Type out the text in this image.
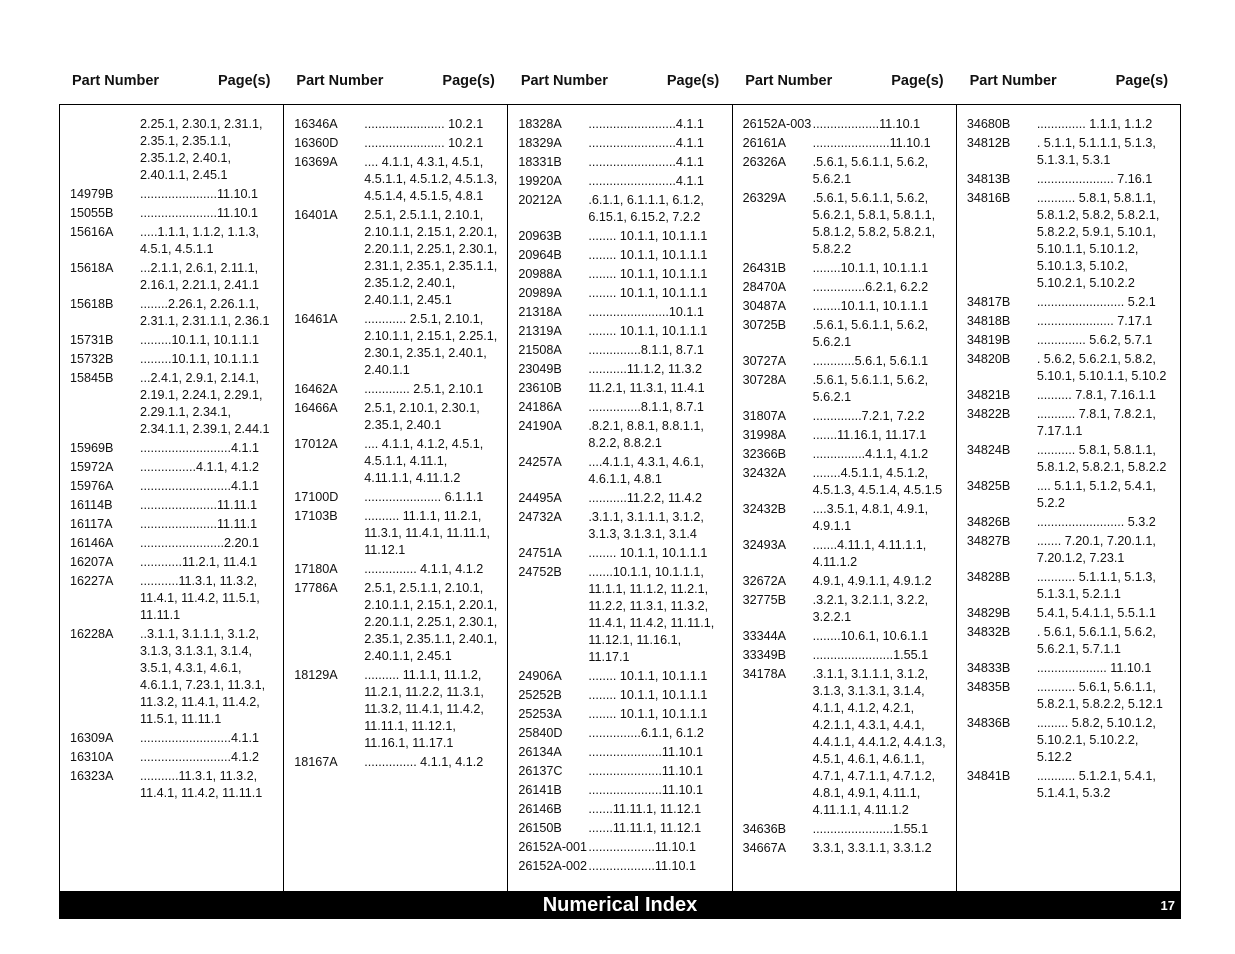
Part Number	Page(s) Part Number	Page(s) Part Number	Page(s) Part Number	Page(s) Part Number	Page(s)
2.25.1, 2.30.1, 2.31.1, 2.35.1, 2.35.1.1, 2.35.1.2, 2.40.1, 2.40.1.1, 2.45.1
14979B	......................11.10.1
15055B	......................11.10.1
15616A	.....1.1.1, 1.1.2, 1.1.3, 4.5.1, 4.5.1.1
15618A	...2.1.1, 2.6.1, 2.11.1, 2.16.1, 2.21.1, 2.41.1
15618B	........2.26.1, 2.26.1.1, 2.31.1, 2.31.1.1, 2.36.1
15731B	.........10.1.1, 10.1.1.1
15732B	.........10.1.1, 10.1.1.1
15845B	...2.4.1, 2.9.1, 2.14.1, 2.19.1, 2.24.1, 2.29.1, 2.29.1.1, 2.34.1, 2.34.1.1, 2.39.1, 2.44.1
15969B	..........................4.1.1
15972A	................4.1.1, 4.1.2
15976A	..........................4.1.1
16114B	......................11.11.1
16117A	......................11.11.1
16146A	........................2.20.1
16207A	............11.2.1, 11.4.1
16227A	...........11.3.1, 11.3.2, 11.4.1, 11.4.2, 11.5.1, 11.11.1
16228A	..3.1.1, 3.1.1.1, 3.1.2, 3.1.3, 3.1.3.1, 3.1.4, 3.5.1, 4.3.1, 4.6.1, 4.6.1.1, 7.23.1, 11.3.1, 11.3.2, 11.4.1, 11.4.2, 11.5.1, 11.11.1
16309A	..........................4.1.1
16310A	..........................4.1.2
16323A	...........11.3.1, 11.3.2, 11.4.1, 11.4.2, 11.11.1
16346A	....................... 10.2.1
16360D	....................... 10.2.1
16369A	.... 4.1.1, 4.3.1, 4.5.1, 4.5.1.1, 4.5.1.2, 4.5.1.3, 4.5.1.4, 4.5.1.5, 4.8.1
16401A	2.5.1, 2.5.1.1, 2.10.1, 2.10.1.1, 2.15.1, 2.20.1, 2.20.1.1, 2.25.1, 2.30.1, 2.31.1, 2.35.1, 2.35.1.1, 2.35.1.2, 2.40.1, 2.40.1.1, 2.45.1
16461A	............ 2.5.1, 2.10.1, 2.10.1.1, 2.15.1, 2.25.1, 2.30.1, 2.35.1, 2.40.1, 2.40.1.1
16462A	............. 2.5.1, 2.10.1
16466A	2.5.1, 2.10.1, 2.30.1, 2.35.1, 2.40.1
17012A	.... 4.1.1, 4.1.2, 4.5.1, 4.5.1.1, 4.11.1, 4.11.1.1, 4.11.1.2
17100D	...................... 6.1.1.1
17103B	.......... 11.1.1, 11.2.1, 11.3.1, 11.4.1, 11.11.1, 11.12.1
17180A	............... 4.1.1, 4.1.2
17786A	2.5.1, 2.5.1.1, 2.10.1, 2.10.1.1, 2.15.1, 2.20.1, 2.20.1.1, 2.25.1, 2.30.1, 2.35.1, 2.35.1.1, 2.40.1, 2.40.1.1, 2.45.1
18129A	.......... 11.1.1, 11.1.2, 11.2.1, 11.2.2, 11.3.1, 11.3.2, 11.4.1, 11.4.2, 11.11.1, 11.12.1, 11.16.1, 11.17.1
18167A	............... 4.1.1, 4.1.2
18328A	.........................4.1.1
18329A	.........................4.1.1
18331B	.........................4.1.1
19920A	.........................4.1.1
20212A	.6.1.1, 6.1.1.1, 6.1.2, 6.15.1, 6.15.2, 7.2.2
20963B	........ 10.1.1, 10.1.1.1
20964B	........ 10.1.1, 10.1.1.1
20988A	........ 10.1.1, 10.1.1.1
20989A	........ 10.1.1, 10.1.1.1
21318A	.......................10.1.1
21319A	........ 10.1.1, 10.1.1.1
21508A	...............8.1.1, 8.7.1
23049B	...........11.1.2, 11.3.2
23610B	11.2.1, 11.3.1, 11.4.1
24186A	...............8.1.1, 8.7.1
24190A	.8.2.1, 8.8.1, 8.8.1.1, 8.2.2, 8.8.2.1
24257A	....4.1.1, 4.3.1, 4.6.1, 4.6.1.1, 4.8.1
24495A	...........11.2.2, 11.4.2
24732A	.3.1.1, 3.1.1.1, 3.1.2, 3.1.3, 3.1.3.1, 3.1.4
24751A	........ 10.1.1, 10.1.1.1
24752B	.......10.1.1, 10.1.1.1, 11.1.1, 11.1.2, 11.2.1, 11.2.2, 11.3.1, 11.3.2, 11.4.1, 11.4.2, 11.11.1, 11.12.1, 11.16.1, 11.17.1
24906A	........ 10.1.1, 10.1.1.1
25252B	........ 10.1.1, 10.1.1.1
25253A	........ 10.1.1, 10.1.1.1
25840D	...............6.1.1, 6.1.2
26134A	.....................11.10.1
26137C	.....................11.10.1
26141B	.....................11.10.1
26146B	.......11.11.1, 11.12.1
26150B	.......11.11.1, 11.12.1
26152A-001 ...................11.10.1
26152A-002 ...................11.10.1
26152A-003 ...................11.10.1
26161A	......................11.10.1
26326A	.5.6.1, 5.6.1.1, 5.6.2, 5.6.2.1
26329A	.5.6.1, 5.6.1.1, 5.6.2, 5.6.2.1, 5.8.1, 5.8.1.1, 5.8.1.2, 5.8.2, 5.8.2.1, 5.8.2.2
26431B	........10.1.1, 10.1.1.1
28470A	...............6.2.1, 6.2.2
30487A	........10.1.1, 10.1.1.1
30725B	.5.6.1, 5.6.1.1, 5.6.2, 5.6.2.1
30727A	............5.6.1, 5.6.1.1
30728A	.5.6.1, 5.6.1.1, 5.6.2, 5.6.2.1
31807A	..............7.2.1, 7.2.2
31998A	.......11.16.1, 11.17.1
32366B	...............4.1.1, 4.1.2
32432A	........4.5.1.1, 4.5.1.2, 4.5.1.3, 4.5.1.4, 4.5.1.5
32432B	....3.5.1, 4.8.1, 4.9.1, 4.9.1.1
32493A	.......4.11.1, 4.11.1.1, 4.11.1.2
32672A	4.9.1, 4.9.1.1, 4.9.1.2
32775B	.3.2.1, 3.2.1.1, 3.2.2, 3.2.2.1
33344A	........10.6.1, 10.6.1.1
33349B	.......................1.55.1
34178A	.3.1.1, 3.1.1.1, 3.1.2, 3.1.3, 3.1.3.1, 3.1.4, 4.1.1, 4.1.2, 4.2.1, 4.2.1.1, 4.3.1, 4.4.1, 4.4.1.1, 4.4.1.2, 4.4.1.3, 4.5.1, 4.6.1, 4.6.1.1, 4.7.1, 4.7.1.1, 4.7.1.2, 4.8.1, 4.9.1, 4.11.1, 4.11.1.1, 4.11.1.2
34636B	.......................1.55.1
34667A	3.3.1, 3.3.1.1, 3.3.1.2
34680B	.............. 1.1.1, 1.1.2
34812B	. 5.1.1, 5.1.1.1, 5.1.3, 5.1.3.1, 5.3.1
34813B	...................... 7.16.1
34816B	........... 5.8.1, 5.8.1.1, 5.8.1.2, 5.8.2, 5.8.2.1, 5.8.2.2, 5.9.1, 5.10.1, 5.10.1.1, 5.10.1.2, 5.10.1.3, 5.10.2, 5.10.2.1, 5.10.2.2
34817B	......................... 5.2.1
34818B	...................... 7.17.1
34819B	.............. 5.6.2, 5.7.1
34820B	. 5.6.2, 5.6.2.1, 5.8.2, 5.10.1, 5.10.1.1, 5.10.2
34821B	.......... 7.8.1, 7.16.1.1
34822B	........... 7.8.1, 7.8.2.1, 7.17.1.1
34824B	........... 5.8.1, 5.8.1.1, 5.8.1.2, 5.8.2.1, 5.8.2.2
34825B	.... 5.1.1, 5.1.2, 5.4.1, 5.2.2
34826B	......................... 5.3.2
34827B	....... 7.20.1, 7.20.1.1, 7.20.1.2, 7.23.1
34828B	........... 5.1.1.1, 5.1.3, 5.1.3.1, 5.2.1.1
34829B	5.4.1, 5.4.1.1, 5.5.1.1
34832B	. 5.6.1, 5.6.1.1, 5.6.2, 5.6.2.1, 5.7.1.1
34833B	.................... 11.10.1
34835B	........... 5.6.1, 5.6.1.1, 5.8.2.1, 5.8.2.2, 5.12.1
34836B	......... 5.8.2, 5.10.1.2, 5.10.2.1, 5.10.2.2, 5.12.2
34841B	........... 5.1.2.1, 5.4.1, 5.1.4.1, 5.3.2
Numerical Index	17
